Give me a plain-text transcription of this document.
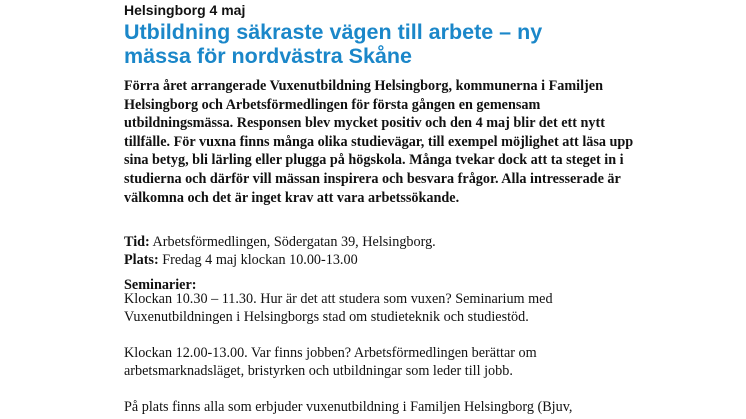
Helsingborg 4 maj
Utbildning säkraste vägen till arbete – ny mässa för nordvästra Skåne

Förra året arrangerade Vuxenutbildning Helsingborg, kommunerna i Familjen Helsingborg och Arbetsförmedlingen för första gången en gemensam utbildningsmässa. Responsen blev mycket positiv och den 4 maj blir det ett nytt tillfälle. För vuxna finns många olika studievägar, till exempel möjlighet att läsa upp sina betyg, bli lärling eller plugga på högskola. Många tvekar dock att ta steget in i studierna och därför vill mässan inspirera och besvara frågor. Alla intresserade är välkomna och det är inget krav att vara arbetssökande.

Tid: Arbetsförmedlingen, Södergatan 39, Helsingborg.
Plats: Fredag 4 maj klockan 10.00-13.00
Seminarier:

Klockan 10.30 – 11.30. Hur är det att studera som vuxen? Seminarium med Vuxenutbildningen i Helsingborgs stad om studieteknik och studiestöd.

Klockan 12.00-13.00. Var finns jobben? Arbetsförmedlingen berättar om arbetsmarknadsläget, bristyrken och utbildningar som leder till jobb.

På plats finns alla som erbjuder vuxenutbildning i Familjen Helsingborg (Bjuv,
